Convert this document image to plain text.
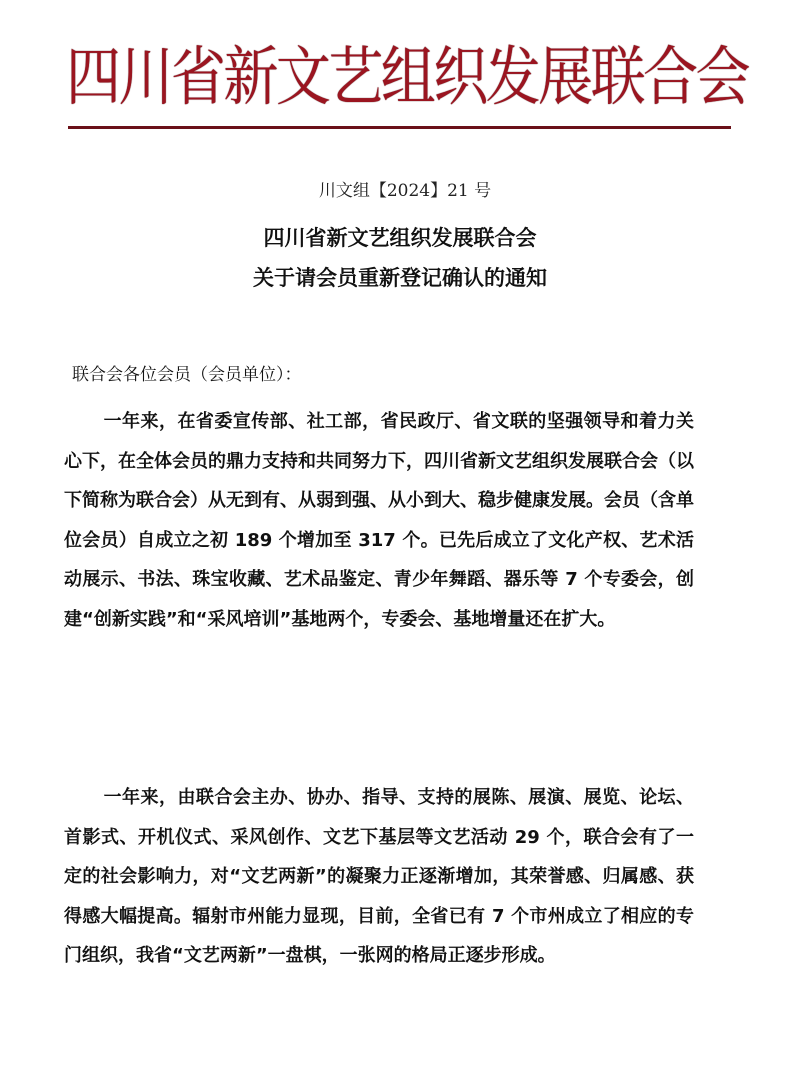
四川省新文艺组织发展联合会
川文组【2024】21 号
四川省新文艺组织发展联合会
关于请会员重新登记确认的通知
联合会各位会员（会员单位）：
一年来，在省委宣传部、社工部，省民政厅、省文联的坚强领导和着力关心下，在全体会员的鼎力支持和共同努力下，四川省新文艺组织发展联合会（以下简称为联合会）从无到有、从弱到强、从小到大、稳步健康发展。会员（含单位会员）自成立之初 189 个增加至 317 个。已先后成立了文化产权、艺术活动展示、书法、珠宝收藏、艺术品鉴定、青少年舞蹈、器乐等 7 个专委会，创建“创新实践”和“采风培训”基地两个，专委会、基地增量还在扩大。
一年来，由联合会主办、协办、指导、支持的展陈、展演、展览、论坛、首影式、开机仪式、采风创作、文艺下基层等文艺活动 29 个，联合会有了一定的社会影响力，对“文艺两新”的凝聚力正逐渐增加，其荣誉感、归属感、获得感大幅提高。辐射市州能力显现，目前，全省已有 7 个市州成立了相应的专门组织，我省“文艺两新”一盘棋，一张网的格局正逐步形成。
